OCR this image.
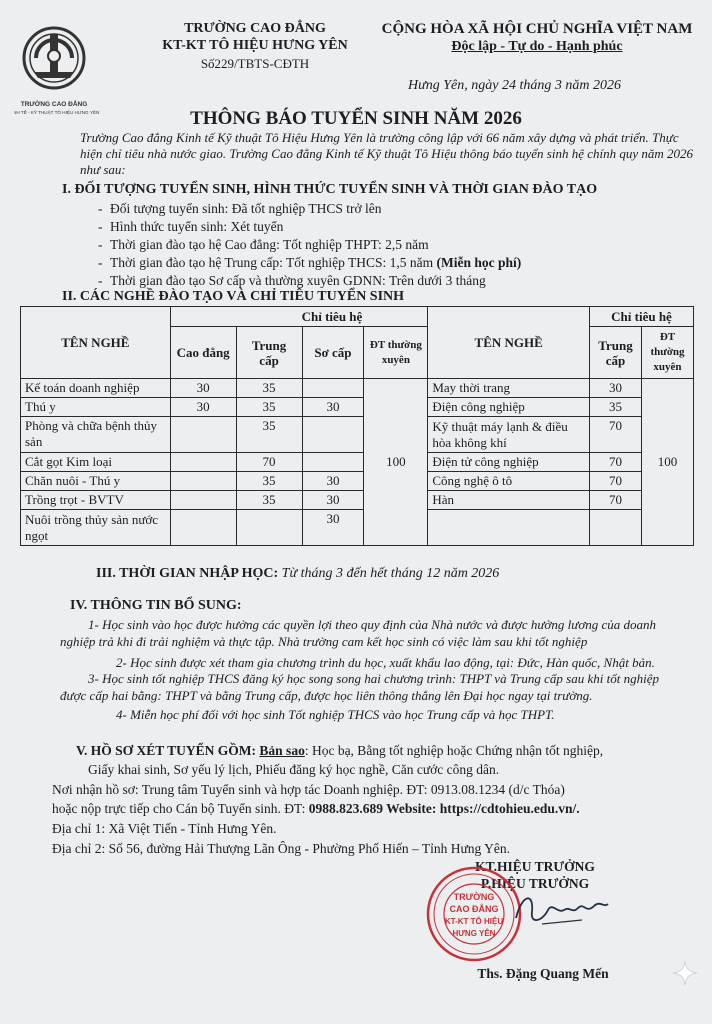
TRƯỜNG CAO ĐẲNG
KINH TẾ - KỸ THUẬT TÔ HIỆU HƯNG YÊN
TRƯỜNG CAO ĐẲNG
KT-KT TÔ HIỆU HƯNG YÊN
Số229/TBTS-CĐTH
CỘNG HÒA XÃ HỘI CHỦ NGHĨA VIỆT NAM
Độc lập - Tự do - Hạnh phúc
Hưng Yên, ngày 24 tháng 3 năm 2026
THÔNG BÁO TUYỂN SINH NĂM 2026
Trường Cao đẳng Kinh tế Kỹ thuật Tô Hiệu Hưng Yên là trường công lập với 66 năm xây dựng và phát triển. Thực hiện chỉ tiêu nhà nước giao. Trường Cao đẳng Kinh tế Kỹ thuật Tô Hiệu thông báo tuyển sinh hệ chính quy năm 2026 như sau:
I. ĐỐI TƯỢNG TUYỂN SINH, HÌNH THỨC TUYỂN SINH VÀ THỜI GIAN ĐÀO TẠO
- Đối tượng tuyển sinh: Đã tốt nghiệp THCS trở lên
- Hình thức tuyển sinh: Xét tuyển
- Thời gian đào tạo hệ Cao đẳng: Tốt nghiệp THPT: 2,5 năm
- Thời gian đào tạo hệ Trung cấp: Tốt nghiệp THCS: 1,5 năm (Miễn học phí)
- Thời gian đào tạo Sơ cấp và thường xuyên GDNN: Trên dưới 3 tháng
II. CÁC NGHỀ ĐÀO TẠO VÀ CHỈ TIÊU TUYỂN SINH
TÊN NGHỀ		Chỉ tiêu hệ			TÊN NGHỀ	Chỉ tiêu hệ	
	Cao đẳng	Trung cấp	Sơ cấp	ĐT thường xuyên		Trung cấp	ĐT thường xuyên
Kế toán doanh nghiệp	30	35		100	May thời trang	30	100
Thú y	30	35	30		Điện công nghiệp	35	
Phòng và chữa bệnh thủy sản		35			Kỹ thuật máy lạnh & điều hòa không khí	70	
Cắt gọt Kim loại		70			Điện tử công nghiệp	70	
Chăn nuôi - Thú y		35	30		Công nghệ ô tô	70	
Trồng trọt - BVTV		35	30		Hàn	70	
Nuôi trồng thủy sản nước ngọt			30				
III. THỜI GIAN NHẬP HỌC: Từ tháng 3 đến hết tháng 12 năm 2026
IV. THÔNG TIN BỔ SUNG:
1- Học sinh vào học được hưởng các quyền lợi theo quy định của Nhà nước và được hưởng lương của doanh nghiệp trả khi đi trải nghiệm và thực tập. Nhà trường cam kết học sinh có việc làm sau khi tốt nghiệp
2- Học sinh được xét tham gia chương trình du học, xuất khẩu lao động, tại: Đức, Hàn quốc, Nhật bản.
3- Học sinh tốt nghiệp THCS đăng ký học song song hai chương trình: THPT và Trung cấp sau khi tốt nghiệp được cấp hai bằng: THPT và bằng Trung cấp, được học liên thông thẳng lên Đại học ngay tại trường.
4- Miễn học phí đối với học sinh Tốt nghiệp THCS vào học Trung cấp và học THPT.
V. HỒ SƠ XÉT TUYỂN GỒM: Bản sao: Học bạ, Bằng tốt nghiệp hoặc Chứng nhận tốt nghiệp,
Giấy khai sinh, Sơ yếu lý lịch, Phiếu đăng ký học nghề, Căn cước công dân.
Nơi nhận hồ sơ: Trung tâm Tuyển sinh và hợp tác Doanh nghiệp. ĐT: 0913.08.1234 (d/c Thóa)
hoặc nộp trực tiếp cho Cán bộ Tuyển sinh. ĐT: 0988.823.689 Website: https://cdtohieu.edu.vn/.
Địa chỉ 1: Xã Việt Tiến - Tỉnh Hưng Yên.
Địa chỉ 2: Số 56, đường Hải Thượng Lãn Ông - Phường Phố Hiến – Tỉnh Hưng Yên.
KT.HIỆU TRƯỞNG
P.HIỆU TRƯỞNG
TRƯỜNG
CAO ĐẲNG
KT-KT TÔ HIỆU
HƯNG YÊN
Ths. Đặng Quang Mến
